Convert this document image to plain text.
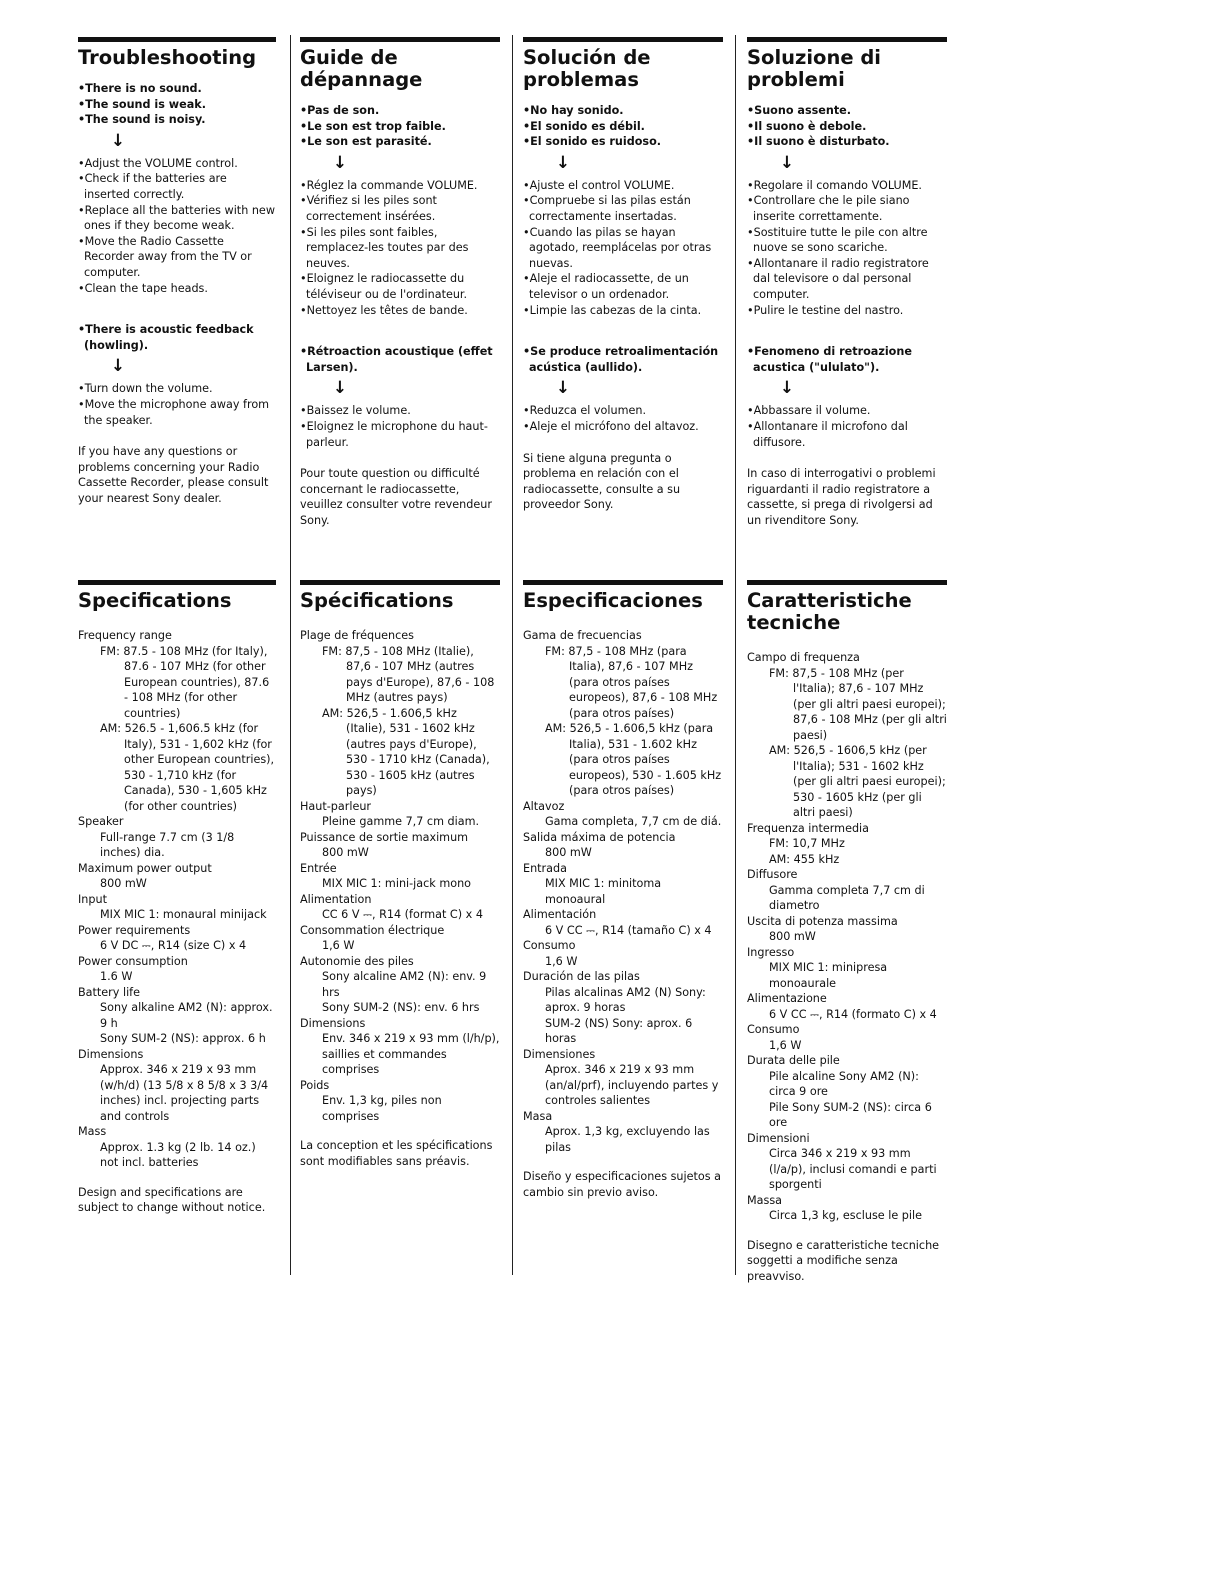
Troubleshooting
• There is no sound.
• The sound is weak.
• The sound is noisy.
↓
• Adjust the VOLUME control.
• Check if the batteries are inserted correctly.
• Replace all the batteries with new ones if they become weak.
• Move the Radio Cassette Recorder away from the TV or computer.
• Clean the tape heads.
• There is acoustic feedback (howling).
↓
• Turn down the volume.
• Move the microphone away from the speaker.

If you have any questions or problems concerning your Radio Cassette Recorder, please consult your nearest Sony dealer.

Specifications
Frequency range
FM: 87.5 - 108 MHz (for Italy), 87.6 - 107 MHz (for other European countries), 87.6 - 108 MHz (for other countries)
AM: 526.5 - 1,606.5 kHz (for Italy), 531 - 1,602 kHz (for other European countries), 530 - 1,710 kHz (for Canada), 530 - 1,605 kHz (for other countries)
Speaker
Full-range 7.7 cm (3 1/8 inches) dia.
Maximum power output
800 mW
Input
MIX MIC 1: monaural minijack
Power requirements
6 V DC ⎓, R14 (size C) x 4
Power consumption
1.6 W
Battery life
Sony alkaline AM2 (N): approx. 9 h
Sony SUM-2 (NS): approx. 6 h
Dimensions
Approx. 346 x 219 x 93 mm (w/h/d) (13 5/8 x 8 5/8 x 3 3/4 inches) incl. projecting parts and controls
Mass
Approx. 1.3 kg (2 lb. 14 oz.) not incl. batteries
Design and specifications are subject to change without notice.
Guide de dépannage
• Pas de son.
• Le son est trop faible.
• Le son est parasité.
↓
• Réglez la commande VOLUME.
• Vérifiez si les piles sont correctement insérées.
• Si les piles sont faibles, remplacez-les toutes par des neuves.
• Eloignez le radiocassette du téléviseur ou de l'ordinateur.
• Nettoyez les têtes de bande.
• Rétroaction acoustique (effet Larsen).
↓
• Baissez le volume.
• Eloignez le microphone du haut-parleur.

Pour toute question ou difficulté concernant le radiocassette, veuillez consulter votre revendeur Sony.

Spécifications
Plage de fréquences
FM: 87,5 - 108 MHz (Italie), 87,6 - 107 MHz (autres pays d'Europe), 87,6 - 108 MHz (autres pays)
AM: 526,5 - 1.606,5 kHz (Italie), 531 - 1602 kHz (autres pays d'Europe), 530 - 1710 kHz (Canada), 530 - 1605 kHz (autres pays)
Haut-parleur
Pleine gamme 7,7 cm diam.
Puissance de sortie maximum
800 mW
Entrée
MIX MIC 1: mini-jack mono
Alimentation
CC 6 V ⎓, R14 (format C) x 4
Consommation électrique
1,6 W
Autonomie des piles
Sony alcaline AM2 (N): env. 9 hrs
Sony SUM-2 (NS): env. 6 hrs
Dimensions
Env. 346 x 219 x 93 mm (l/h/p), saillies et commandes comprises
Poids
Env. 1,3 kg, piles non comprises
La conception et les spécifications sont modifiables sans préavis.
Solución de problemas
• No hay sonido.
• El sonido es débil.
• El sonido es ruidoso.
↓
• Ajuste el control VOLUME.
• Compruebe si las pilas están correctamente insertadas.
• Cuando las pilas se hayan agotado, reemplácelas por otras nuevas.
• Aleje el radiocassette, de un televisor o un ordenador.
• Limpie las cabezas de la cinta.
• Se produce retroalimentación acústica (aullido).
↓
• Reduzca el volumen.
• Aleje el micrófono del altavoz.

Si tiene alguna pregunta o problema en relación con el radiocassette, consulte a su proveedor Sony.

Especificaciones
Gama de frecuencias
FM: 87,5 - 108 MHz (para Italia), 87,6 - 107 MHz (para otros países europeos), 87,6 - 108 MHz (para otros países)
AM: 526,5 - 1.606,5 kHz (para Italia), 531 - 1.602 kHz (para otros países europeos), 530 - 1.605 kHz (para otros países)
Altavoz
Gama completa, 7,7 cm de diá.
Salida máxima de potencia
800 mW
Entrada
MIX MIC 1: minitoma monoaural
Alimentación
6 V CC ⎓, R14 (tamaño C) x 4
Consumo
1,6 W
Duración de las pilas
Pilas alcalinas AM2 (N) Sony: aprox. 9 horas
SUM-2 (NS) Sony: aprox. 6 horas
Dimensiones
Aprox. 346 x 219 x 93 mm (an/al/prf), incluyendo partes y controles salientes
Masa
Aprox. 1,3 kg, excluyendo las pilas
Diseño y especificaciones sujetos a cambio sin previo aviso.
Soluzione di problemi
• Suono assente.
• Il suono è debole.
• Il suono è disturbato.
↓
• Regolare il comando VOLUME.
• Controllare che le pile siano inserite correttamente.
• Sostituire tutte le pile con altre nuove se sono scariche.
• Allontanare il radio registratore dal televisore o dal personal computer.
• Pulire le testine del nastro.
• Fenomeno di retroazione acustica ("ululato").
↓
• Abbassare il volume.
• Allontanare il microfono dal diffusore.

In caso di interrogativi o problemi riguardanti il radio registratore a cassette, si prega di rivolgersi ad un rivenditore Sony.

Caratteristiche tecniche
Campo di frequenza
FM: 87,5 - 108 MHz (per l'Italia); 87,6 - 107 MHz (per gli altri paesi europei); 87,6 - 108 MHz (per gli altri paesi)
AM: 526,5 - 1606,5 kHz (per l'Italia); 531 - 1602 kHz (per gli altri paesi europei); 530 - 1605 kHz (per gli altri paesi)
Frequenza intermedia
FM: 10,7 MHz
AM: 455 kHz
Diffusore
Gamma completa 7,7 cm di diametro
Uscita di potenza massima
800 mW
Ingresso
MIX MIC 1: minipresa monoaurale
Alimentazione
6 V CC ⎓, R14 (formato C) x 4
Consumo
1,6 W
Durata delle pile
Pile alcaline Sony AM2 (N): circa 9 ore
Pile Sony SUM-2 (NS): circa 6 ore
Dimensioni
Circa 346 x 219 x 93 mm (l/a/p), inclusi comandi e parti sporgenti
Massa
Circa 1,3 kg, escluse le pile
Disegno e caratteristiche tecniche soggetti a modifiche senza preavviso.
